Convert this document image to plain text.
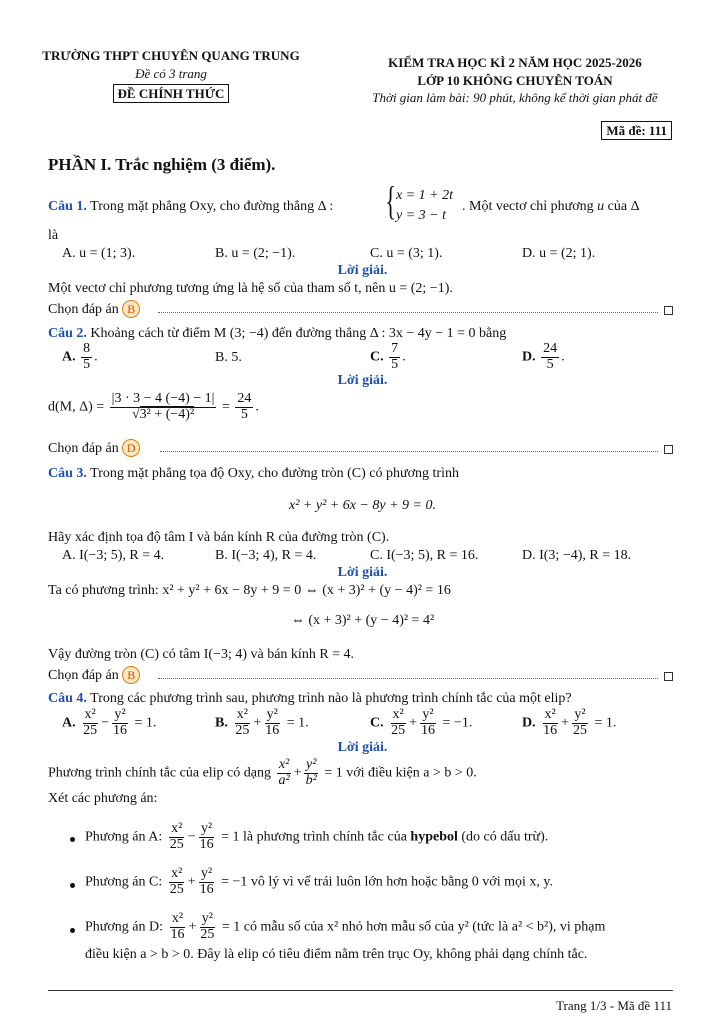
TRƯỜNG THPT CHUYÊN QUANG TRUNG
Đề có 3 trang
ĐỀ CHÍNH THỨC
KIỂM TRA HỌC KÌ 2 NĂM HỌC 2025-2026
LỚP 10 KHÔNG CHUYÊN TOÁN
Thời gian làm bài: 90 phút, không kể thời gian phát đề
Mã đề: 111
PHẦN I. Trắc nghiệm (3 điểm).
Câu 1. Trong mặt phẳng Oxy, cho đường thẳng Δ : { x = 1 + 2t
y = 3 − t
. Một vectơ chỉ phương u của Δ
là
A. u = (1; 3).	B. u = (2; −1).	C. u = (3; 1).	D. u = (2; 1).
Lời giải.
Một vectơ chỉ phương tương ứng là hệ số của tham số t, nên u = (2; −1).
Chọn đáp án B
Câu 2. Khoảng cách từ điểm M (3; −4) đến đường thẳng Δ : 3x − 4y − 1 = 0 bằng
A. $\frac{8}{5}$ .	B. 5.	C. $\frac{7}{5}$ .	D. $\frac{24}{5}$ .
Lời giải.
d(M, $\Delta) = \frac{|3 \cdot 3 - 4 (-4) - 1|}{\text{√3² + (−4)²}} = \frac{24}{5}$ .
Chọn đáp án D
Câu 3. Trong mặt phẳng tọa độ Oxy, cho đường tròn (C) có phương trình
x² + y² + 6x − 8y + 9 = 0.
Hãy xác định tọa độ tâm I và bán kính R của đường tròn (C).
A. I(−3; 5), R = 4.	B. I(−3; 4), R = 4.	C. I(−3; 5), R = 16.	D. I(3; −4), R = 18.
Lời giải.
Ta có phương trình: x² + y² + 6x − 8y + 9 = 0 ⇔ (x + 3)² + (y − 4)² = 16
⇔ (x + 3)² + (y − 4)² = 4²
Vậy đường tròn (C) có tâm I(−3; 4) và bán kính R = 4.
Chọn đáp án B
Câu 4. Trong các phương trình sau, phương trình nào là phương trình chính tắc của một elip?
A. $\frac{\text{x²}}{25} - \frac{\text{y²}}{16} = 1$.	B. $\frac{\text{x²}}{25} + \frac{\text{y²}}{16} = 1$.	C. $\frac{\text{x²}}{25} + \frac{\text{y²}}{16} = -1$.	D. $\frac{\text{x²}}{16} + \frac{\text{y²}}{25} = 1$.
Lời giải.
Phương trình chính tắc của elip có dạng $\frac{\text{x²}}{\text{a²}} + \frac{\text{y²}}{\text{b²}} = 1$ với điều kiện a > b > 0.
Xét các phương án:
Phương án A: $\frac{\text{x²}}{25} - \frac{\text{y²}}{16} = 1$ là phương trình chính tắc của hypebol (do có dấu trừ).
Phương án C: $\frac{\text{x²}}{25} + \frac{\text{y²}}{16} = -1$ vô lý vì vế trái luôn lớn hơn hoặc bằng 0 với mọi x, y.
Phương án D: $\frac{\text{x²}}{16} + \frac{\text{y²}}{25} = 1$ có mẫu số của x² nhỏ hơn mẫu số của y² (tức là a² < b²), vi phạm
điều kiện a > b > 0. Đây là elip có tiêu điểm nằm trên trục Oy, không phải dạng chính tắc.
Trang 1/3 - Mã đề 111
